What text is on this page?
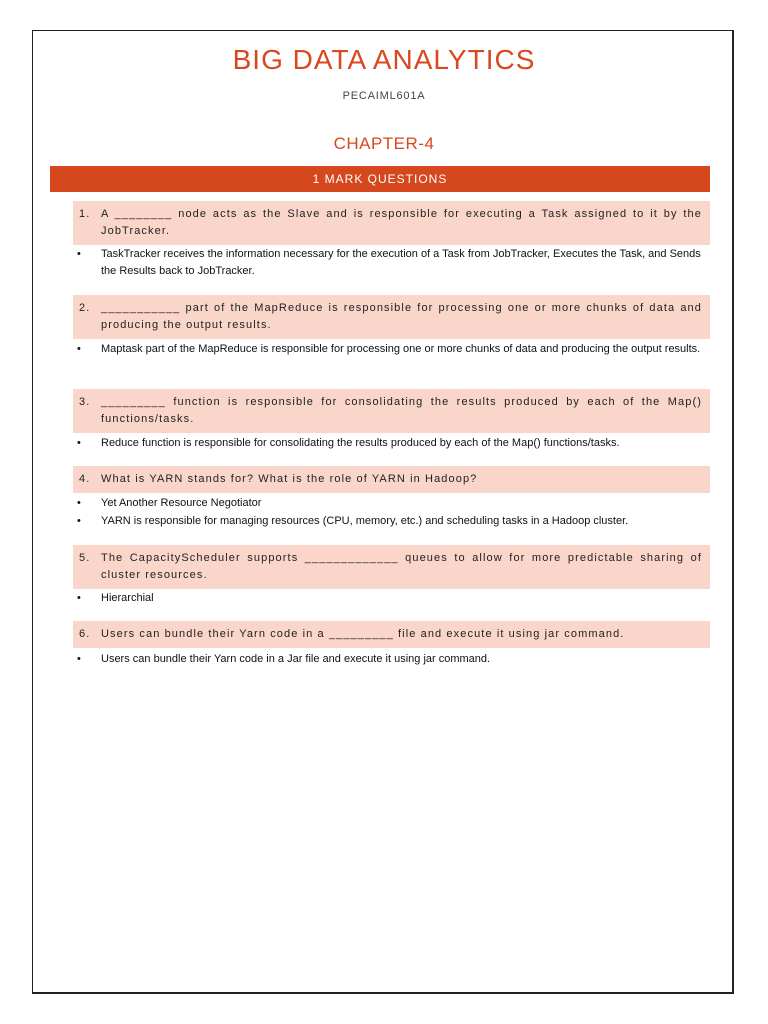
BIG DATA ANALYTICS
PECAIML601A
CHAPTER-4
1 MARK QUESTIONS
1. A ________ node acts as the Slave and is responsible for executing a Task assigned to it by the JobTracker.
• TaskTracker receives the information necessary for the execution of a Task from JobTracker, Executes the Task, and Sends the Results back to JobTracker.
2. ___________ part of the MapReduce is responsible for processing one or more chunks of data and producing the output results.
• Maptask part of the MapReduce is responsible for processing one or more chunks of data and producing the output results.
3. _________ function is responsible for consolidating the results produced by each of the Map() functions/tasks.
• Reduce function is responsible for consolidating the results produced by each of the Map() functions/tasks.
4. What is YARN stands for? What is the role of YARN in Hadoop?
• Yet Another Resource Negotiator
• YARN is responsible for managing resources (CPU, memory, etc.) and scheduling tasks in a Hadoop cluster.
5. The CapacityScheduler supports _____________ queues to allow for more predictable sharing of cluster resources.
• Hierarchial
6. Users can bundle their Yarn code in a _________ file and execute it using jar command.
• Users can bundle their Yarn code in a Jar file and execute it using jar command.
